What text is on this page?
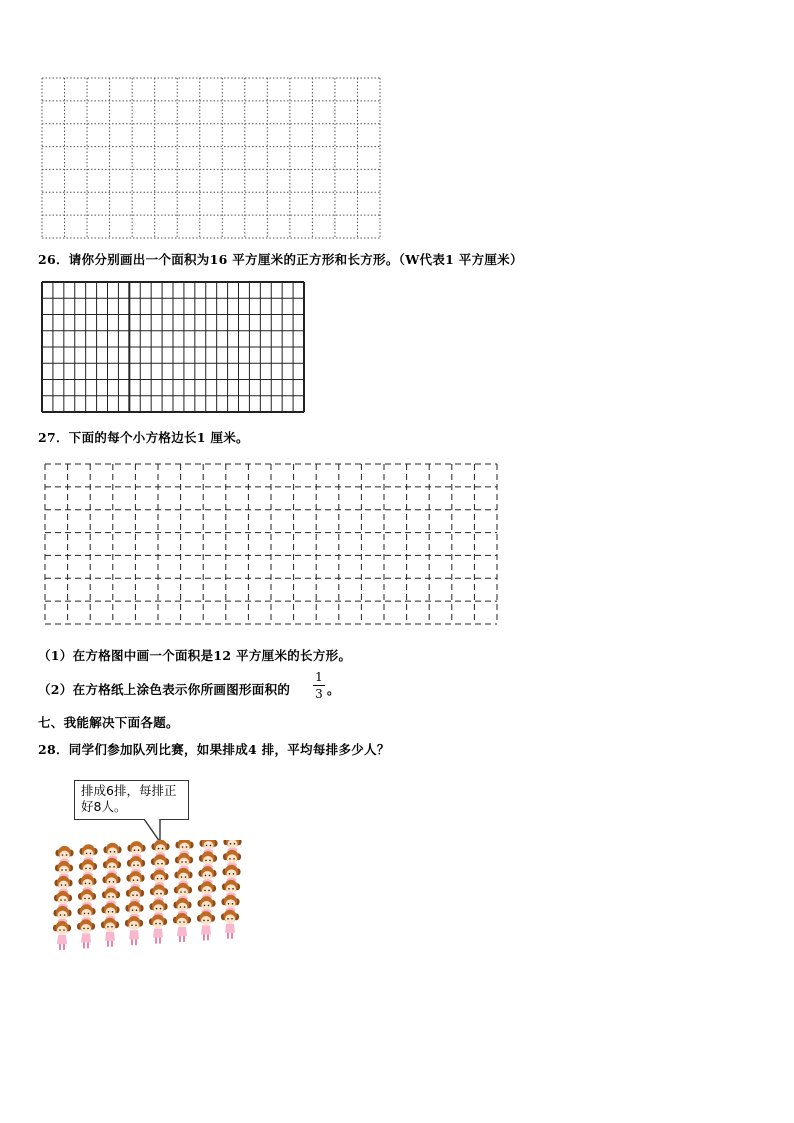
26．请你分别画出一个面积为16 平方厘米的正方形和长方形。（W代表1 平方厘米）
27．下面的每个小方格边长1 厘米。
（1）在方格图中画一个面积是12 平方厘米的长方形。
（2）在方格纸上涂色表示你所画图形面积的
1
3 。
七、我能解决下面各题。
28．同学们参加队列比赛，如果排成4 排，平均每排多少人？
排成6排，每排正
好8人。
